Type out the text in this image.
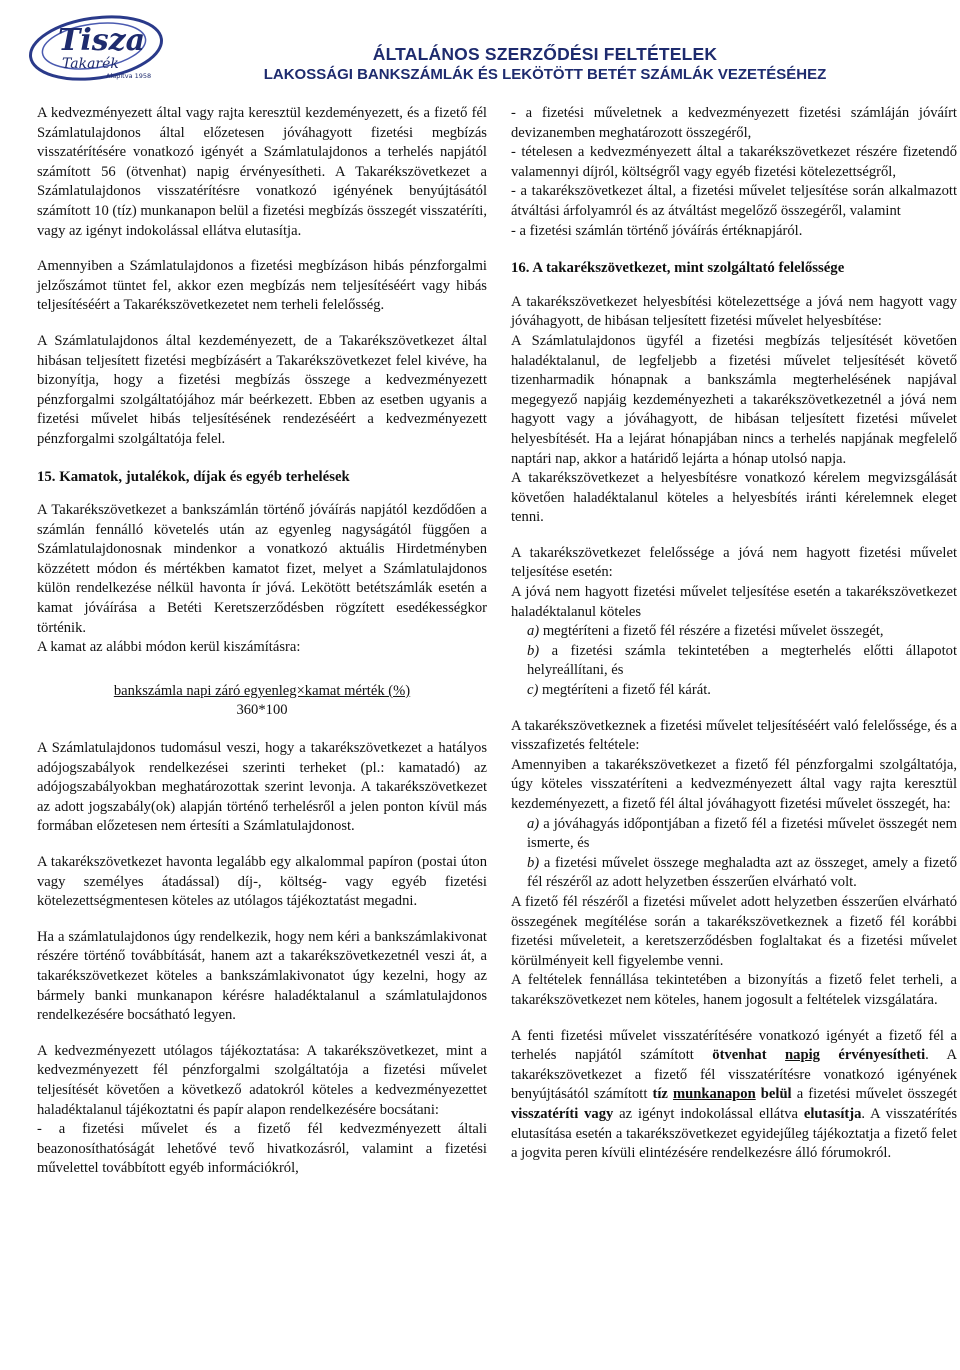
Tisza
Takarék
Alapítva 1958
ÁLTALÁNOS SZERZŐDÉSI FELTÉTELEK
LAKOSSÁGI BANKSZÁMLÁK ÉS LEKÖTÖTT BETÉT SZÁMLÁK VEZETÉSÉHEZ

A kedvezményezett által vagy rajta keresztül kezdeményezett, és a fizető fél Számlatulajdonos által előzetesen jóváhagyott fizetési megbízás visszatérítésére vonatkozó igényét a Számlatulajdonos a terhelés napjától számított 56 (ötvenhat) napig érvényesítheti. A Takarékszövetkezet a Számlatulajdonos visszatérítésre vonatkozó igényének benyújtásától számított 10 (tíz) munkanapon belül a fizetési megbízás összegét visszatéríti, vagy az igényt indokolással ellátva elutasítja.

Amennyiben a Számlatulajdonos a fizetési megbízáson hibás pénzforgalmi jelzőszámot tüntet fel, akkor ezen megbízás nem teljesítéséért vagy hibás teljesítéséért a Takarékszövetkezetet nem terheli felelősség.

A Számlatulajdonos által kezdeményezett, de a Takarékszövetkezet által hibásan teljesített fizetési megbízásért a Takarékszövetkezet felel kivéve, ha bizonyítja, hogy a fizetési megbízás összege a kedvezményezett pénzforgalmi szolgáltatójához már beérkezett. Ebben az esetben ugyanis a fizetési művelet hibás teljesítésének rendezéséért a kedvezményezett pénzforgalmi szolgáltatója felel.

15. Kamatok, jutalékok, díjak és egyéb terhelések

A Takarékszövetkezet a bankszámlán történő jóváírás napjától kezdődően a számlán fennálló követelés után az egyenleg nagyságától függően a Számlatulajdonosnak mindenkor a vonatkozó aktuális Hirdetményben közzétett módon és mértékben kamatot fizet, melyet a Számlatulajdonos külön rendelkezése nélkül havonta ír jóvá. Lekötött betétszámlák esetén a kamat jóváírása a Betéti Keretszerződésben rögzített esedékességkor történik.

A kamat az alábbi módon kerül kiszámításra:

bankszámla napi záró egyenleg×kamat mérték (%)
360*100

A Számlatulajdonos tudomásul veszi, hogy a takarékszövetkezet a hatályos adójogszabályok rendelkezései szerinti terheket (pl.: kamatadó) az adójogszabályokban meghatározottak szerint levonja. A takarékszövetkezet az adott jogszabály(ok) alapján történő terhelésről a jelen ponton kívül más formában előzetesen nem értesíti a Számlatulajdonost.

A takarékszövetkezet havonta legalább egy alkalommal papíron (postai úton vagy személyes átadással) díj-, költség- vagy egyéb fizetési kötelezettségmentesen köteles az utólagos tájékoztatást megadni.

Ha a számlatulajdonos úgy rendelkezik, hogy nem kéri a bankszámlakivonat részére történő továbbítását, hanem azt a takarékszövetkezetnél veszi át, a takarékszövetkezet köteles a bankszámlakivonatot úgy kezelni, hogy az bármely banki munkanapon kérésre haladéktalanul a számlatulajdonos rendelkezésére bocsátható legyen.

A kedvezményezett utólagos tájékoztatása: A takarékszövetkezet, mint a kedvezményezett fél pénzforgalmi szolgáltatója a fizetési művelet teljesítését követően a következő adatokról köteles a kedvezményezettet haladéktalanul tájékoztatni és papír alapon rendelkezésére bocsátani:

- a fizetési művelet és a fizető fél kedvezményezett általi beazonosíthatóságát lehetővé tevő hivatkozásról, valamint a fizetési művelettel továbbított egyéb információkról,

- a fizetési műveletnek a kedvezményezett fizetési számláján jóváírt devizanemben meghatározott összegéről,

- tételesen a kedvezményezett által a takarékszövetkezet részére fizetendő valamennyi díjról, költségről vagy egyéb fizetési kötelezettségről,

- a takarékszövetkezet által, a fizetési művelet teljesítése során alkalmazott átváltási árfolyamról és az átváltást megelőző összegéről, valamint

- a fizetési számlán történő jóváírás értéknapjáról.

16. A takarékszövetkezet, mint szolgáltató felelőssége

A takarékszövetkezet helyesbítési kötelezettsége a jóvá nem hagyott vagy jóváhagyott, de hibásan teljesített fizetési művelet helyesbítése:

A Számlatulajdonos ügyfél a fizetési megbízás teljesítését követően haladéktalanul, de legfeljebb a fizetési művelet teljesítését követő tizenharmadik hónapnak a bankszámla megterhelésének napjával megegyező napjáig kezdeményezheti a takarékszövetkezetnél a jóvá nem hagyott vagy a jóváhagyott, de hibásan teljesített fizetési művelet helyesbítését. Ha a lejárat hónapjában nincs a terhelés napjának megfelelő naptári nap, akkor a határidő lejárta a hónap utolsó napja.

A takarékszövetkezet a helyesbítésre vonatkozó kérelem megvizsgálását követően haladéktalanul köteles a helyesbítés iránti kérelemnek eleget tenni.

A takarékszövetkezet felelőssége a jóvá nem hagyott fizetési művelet teljesítése esetén:

A jóvá nem hagyott fizetési művelet teljesítése esetén a takarékszövetkezet haladéktalanul köteles

a) megtéríteni a fizető fél részére a fizetési művelet összegét,

b) a fizetési számla tekintetében a megterhelés előtti állapotot helyreállítani, és

c) megtéríteni a fizető fél kárát.

A takarékszövetkeznek a fizetési művelet teljesítéséért való felelőssége, és a visszafizetés feltétele:

Amennyiben a takarékszövetkezet a fizető fél pénzforgalmi szolgáltatója, úgy köteles visszatéríteni a kedvezményezett által vagy rajta keresztül kezdeményezett, a fizető fél által jóváhagyott fizetési művelet összegét, ha:

a) a jóváhagyás időpontjában a fizető fél a fizetési művelet összegét nem ismerte, és

b) a fizetési művelet összege meghaladta azt az összeget, amely a fizető fél részéről az adott helyzetben ésszerűen elvárható volt.

A fizető fél részéről a fizetési művelet adott helyzetben ésszerűen elvárható összegének megítélése során a takarékszövetkeznek a fizető fél korábbi fizetési műveleteit, a keretszerződésben foglaltakat és a fizetési művelet körülményeit kell figyelembe venni.

A feltételek fennállása tekintetében a bizonyítás a fizető felet terheli, a takarékszövetkezet nem köteles, hanem jogosult a feltételek vizsgálatára.

A fenti fizetési művelet visszatérítésére vonatkozó igényét a fizető fél a terhelés napjától számított ötvenhat napig érvényesítheti. A takarékszövetkezet a fizető fél visszatérítésre vonatkozó igényének benyújtásától számított tíz munkanapon belül a fizetési művelet összegét visszatéríti vagy az igényt indokolással ellátva elutasítja. A visszatérítés elutasítása esetén a takarékszövetkezet egyidejűleg tájékoztatja a fizető felet a jogvita peren kívüli elintézésére rendelkezésre álló fórumokról.
